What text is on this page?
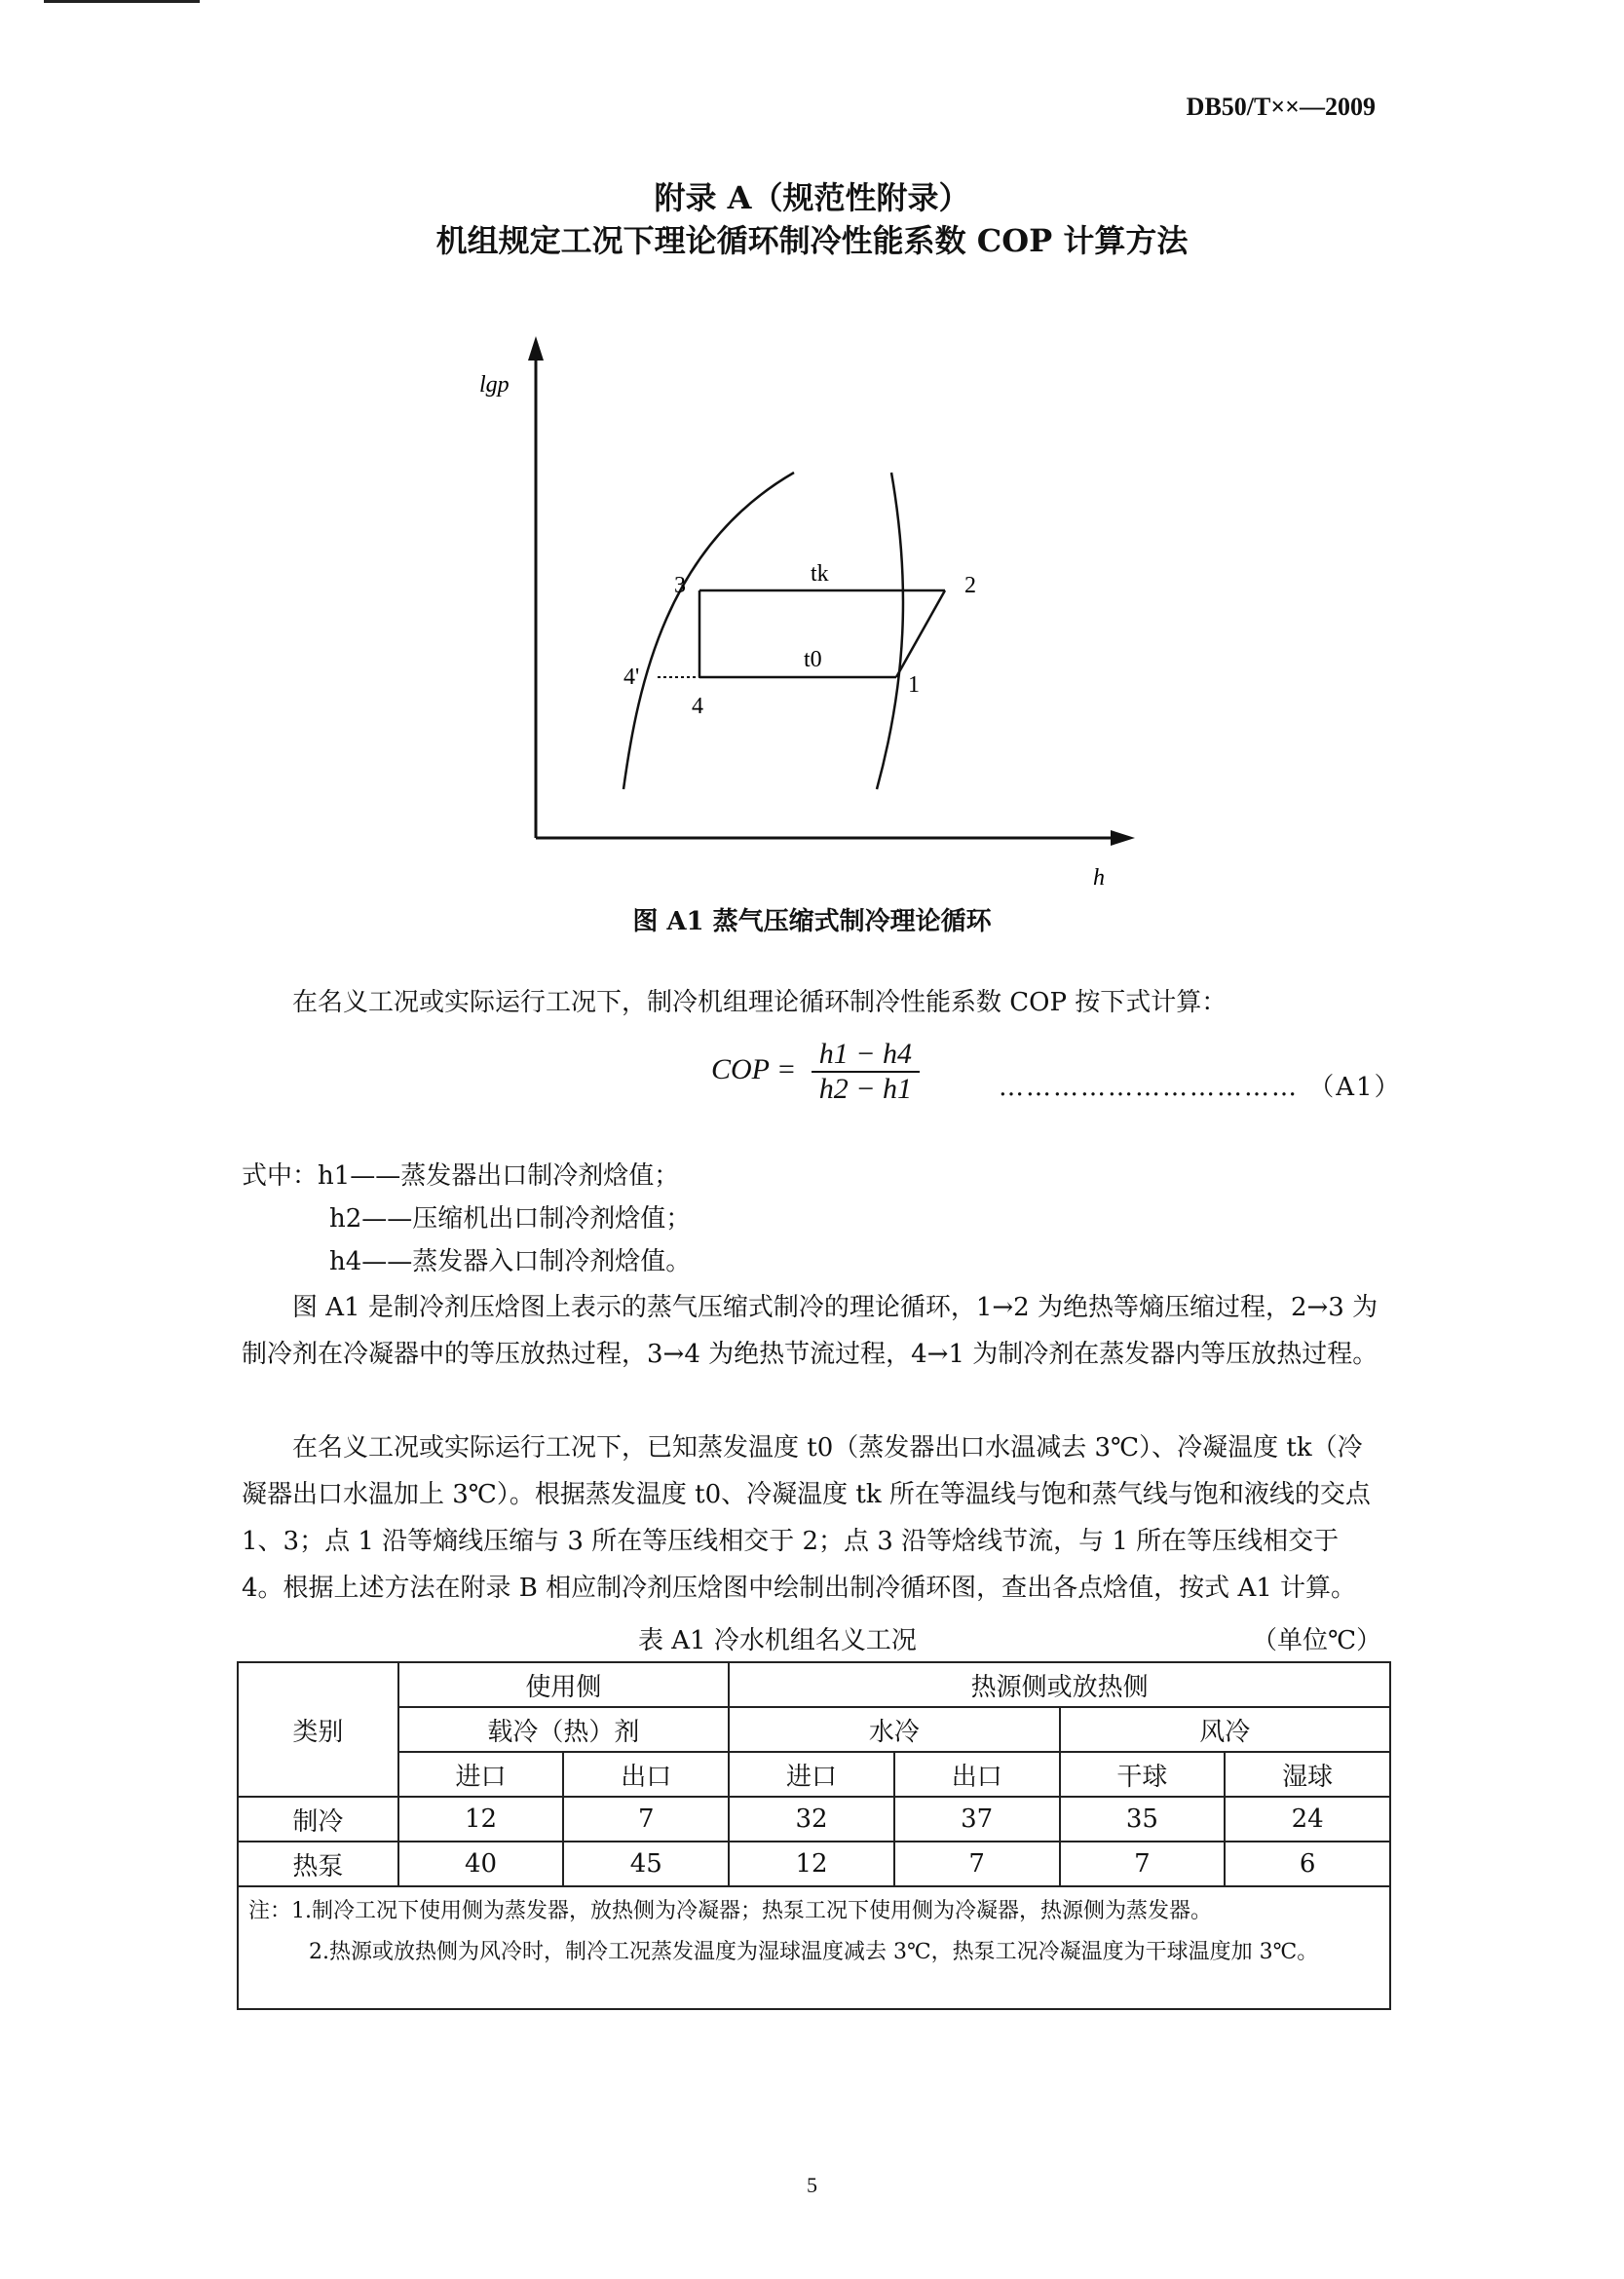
DB50/T××—2009
附录 A（规范性附录）
机组规定工况下理论循环制冷性能系数 COP 计算方法
lgp
h
tk
t0
3	2
1
4
4'
图 A1 蒸气压缩式制冷理论循环
在名义工况或实际运行工况下，制冷机组理论循环制冷性能系数 COP 按下式计算：
COP = $\frac{h1 - h4}{h2 - h1}$	…………………………… （A1）
式中：h1——蒸发器出口制冷剂焓值；
h2——压缩机出口制冷剂焓值；
h4——蒸发器入口制冷剂焓值。
图 A1 是制冷剂压焓图上表示的蒸气压缩式制冷的理论循环，1→2 为绝热等熵压缩过程，2→3 为制冷剂在冷凝器中的等压放热过程，3→4 为绝热节流过程，4→1 为制冷剂在蒸发器内等压放热过程。
在名义工况或实际运行工况下，已知蒸发温度 t0（蒸发器出口水温减去 3℃）、冷凝温度 tk（冷凝器出口水温加上 3℃）。根据蒸发温度 t0、冷凝温度 tk 所在等温线与饱和蒸气线与饱和液线的交点 1、3；点 1 沿等熵线压缩与 3 所在等压线相交于 2；点 3 沿等焓线节流，与 1 所在等压线相交于 4。根据上述方法在附录 B 相应制冷剂压焓图中绘制出制冷循环图，查出各点焓值，按式 A1 计算。
表 A1 冷水机组名义工况	（单位℃）
类别	使用侧		热源侧或放热侧			
	载冷（热）剂		水冷		风冷	
	进口	出口	进口	出口	干球	湿球
制冷	12	7	32	37	35	24
热泵	40	45	12	7	7	6
注：1.制冷工况下使用侧为蒸发器，放热侧为冷凝器；热泵工况下使用侧为冷凝器，热源侧为蒸发器。
2.热源或放热侧为风冷时，制冷工况蒸发温度为湿球温度减去 3℃，热泵工况冷凝温度为干球温度加 3℃。
5
